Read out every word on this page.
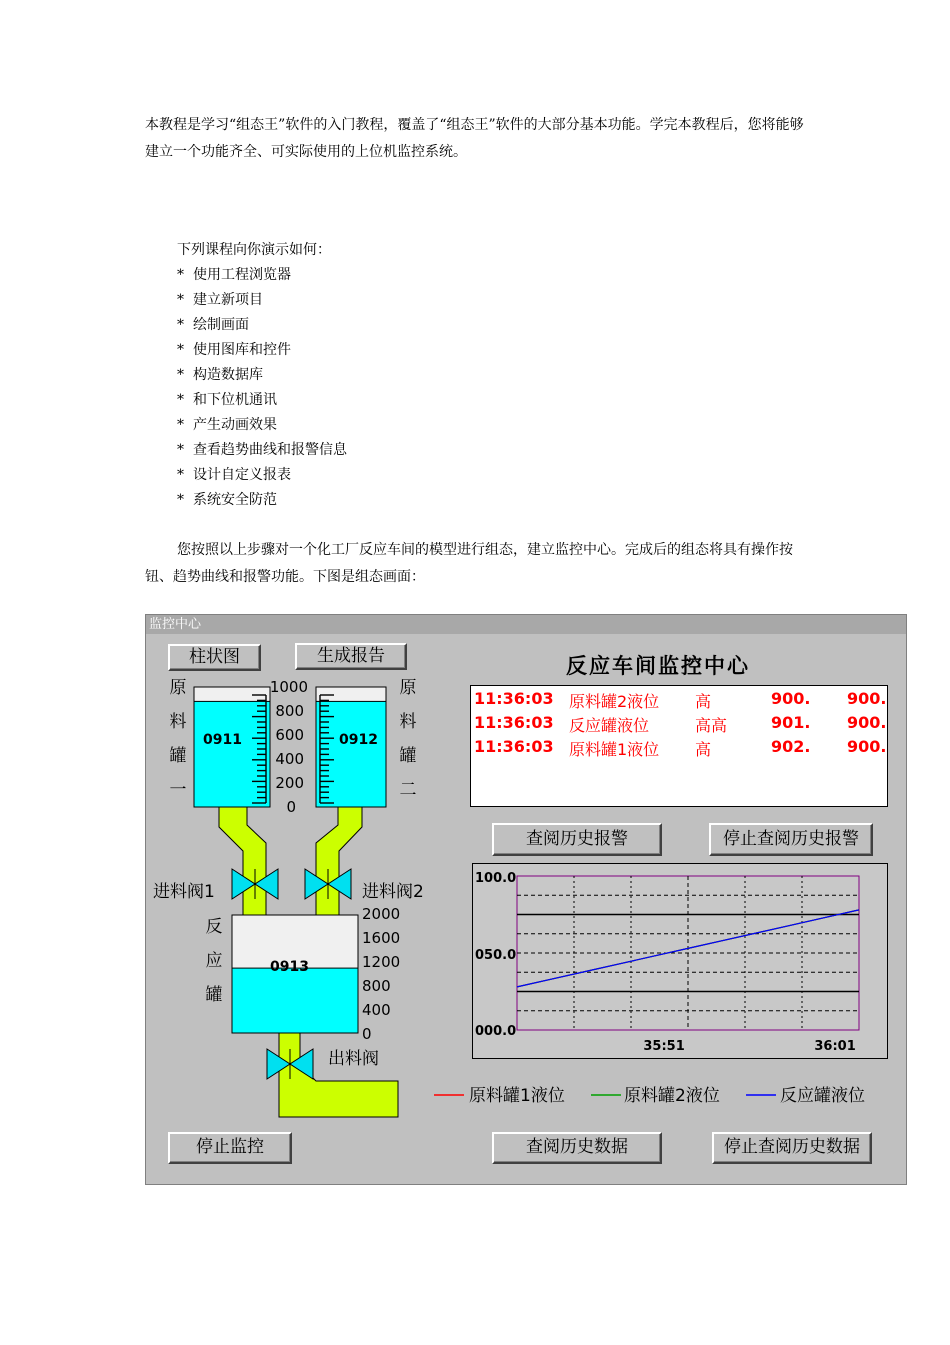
本教程是学习“组态王”软件的入门教程，覆盖了“组态王”软件的大部分基本功能。学完本教程后，您将能够建立一个功能齐全、可实际使用的上位机监控系统。

下列课程向你演示如何：

* 使用工程浏览器
* 建立新项目
* 绘制画面
* 使用图库和控件
* 构造数据库
* 和下位机通讯
* 产生动画效果
* 查看趋势曲线和报警信息
* 设计自定义报表
* 系统安全防范

您按照以上步骤对一个化工厂反应车间的模型进行组态，建立监控中心。完成后的组态将具有操作按钮、趋势曲线和报警功能。下图是组态画面：

监控中心
柱状图	生成报告	反应车间监控中心
原
料
罐
一
原
料
罐
二
0911	0912
1000
800
600
400
200
0
进料阀1	进料阀2
出料阀
反
应
罐
0913
2000
1600
1200
800
400
0
11:36:03 原料罐2液位 高	900. 900.
11:36:03 反应罐液位	高高	901. 900.
11:36:03 原料罐1液位 高	902. 900.
查阅历史报警	停止查阅历史报警
100.0
050.0
000.0
35:51	36:01
原料罐1液位	原料罐2液位	反应罐液位
停止监控	查阅历史数据	停止查阅历史数据
